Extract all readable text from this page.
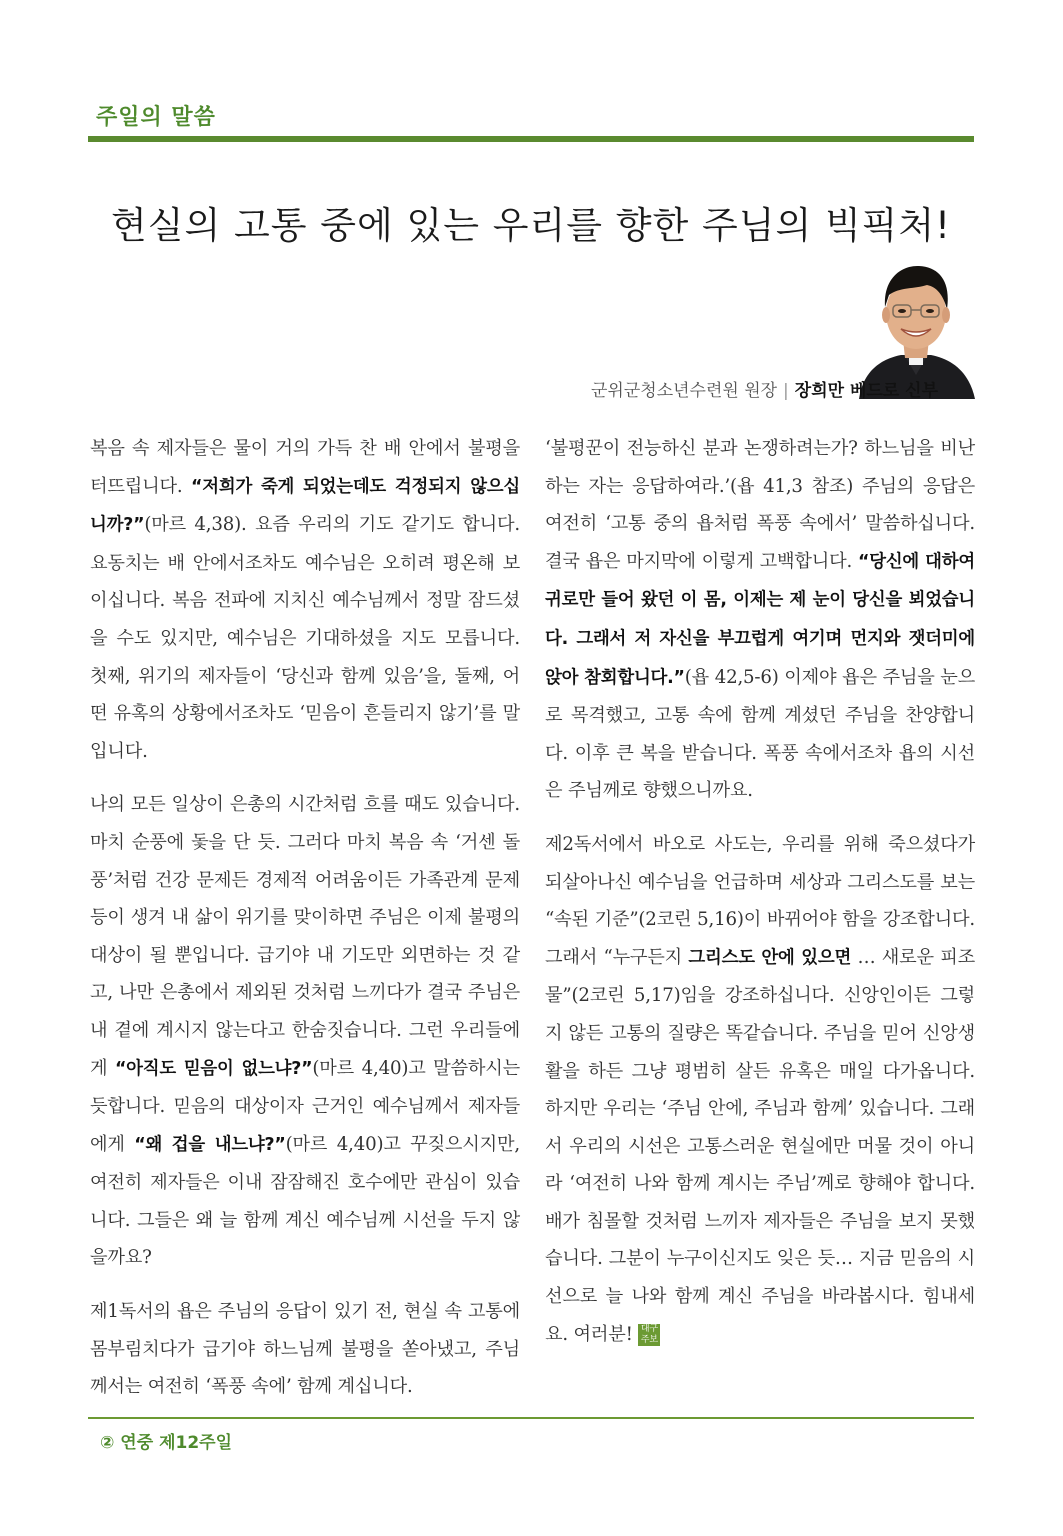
주일의 말씀
현실의 고통 중에 있는 우리를 향한 주님의 빅픽처!
군위군청소년수련원 원장 | 장희만 베드로 신부

복음 속 제자들은 물이 거의 가득 찬 배 안에서 불평을 터뜨립니다. “저희가 죽게 되었는데도 걱정되지 않으십니까?”(마르 4,38). 요즘 우리의 기도 같기도 합니다. 요동치는 배 안에서조차도 예수님은 오히려 평온해 보이십니다. 복음 전파에 지치신 예수님께서 정말 잠드셨을 수도 있지만, 예수님은 기대하셨을 지도 모릅니다. 첫째, 위기의 제자들이 ‘당신과 함께 있음’을, 둘째, 어떤 유혹의 상황에서조차도 ‘믿음이 흔들리지 않기’를 말입니다.

나의 모든 일상이 은총의 시간처럼 흐를 때도 있습니다. 마치 순풍에 돛을 단 듯. 그러다 마치 복음 속 ‘거센 돌풍’처럼 건강 문제든 경제적 어려움이든 가족관계 문제 등이 생겨 내 삶이 위기를 맞이하면 주님은 이제 불평의 대상이 될 뿐입니다. 급기야 내 기도만 외면하는 것 같고, 나만 은총에서 제외된 것처럼 느끼다가 결국 주님은 내 곁에 계시지 않는다고 한숨짓습니다. 그런 우리들에게 “아직도 믿음이 없느냐?”(마르 4,40)고 말씀하시는 듯합니다. 믿음의 대상이자 근거인 예수님께서 제자들에게 “왜 겁을 내느냐?”(마르 4,40)고 꾸짖으시지만, 여전히 제자들은 이내 잠잠해진 호수에만 관심이 있습니다. 그들은 왜 늘 함께 계신 예수님께 시선을 두지 않을까요?

제1독서의 욥은 주님의 응답이 있기 전, 현실 속 고통에 몸부림치다가 급기야 하느님께 불평을 쏟아냈고, 주님께서는 여전히 ‘폭풍 속에’ 함께 계십니다.

‘불평꾼이 전능하신 분과 논쟁하려는가? 하느님을 비난하는 자는 응답하여라.’(욥 41,3 참조) 주님의 응답은 여전히 ‘고통 중의 욥처럼 폭풍 속에서’ 말씀하십니다. 결국 욥은 마지막에 이렇게 고백합니다. “당신에 대하여 귀로만 들어 왔던 이 몸, 이제는 제 눈이 당신을 뵈었습니다. 그래서 저 자신을 부끄럽게 여기며 먼지와 잿더미에 앉아 참회합니다.”(욥 42,5-6) 이제야 욥은 주님을 눈으로 목격했고, 고통 속에 함께 계셨던 주님을 찬양합니다. 이후 큰 복을 받습니다. 폭풍 속에서조차 욥의 시선은 주님께로 향했으니까요.

제2독서에서 바오로 사도는, 우리를 위해 죽으셨다가 되살아나신 예수님을 언급하며 세상과 그리스도를 보는 “속된 기준”(2코린 5,16)이 바뀌어야 함을 강조합니다. 그래서 “누구든지 그리스도 안에 있으면 … 새로운 피조물”(2코린 5,17)임을 강조하십니다. 신앙인이든 그렇지 않든 고통의 질량은 똑같습니다. 주님을 믿어 신앙생활을 하든 그냥 평범히 살든 유혹은 매일 다가옵니다. 하지만 우리는 ‘주님 안에, 주님과 함께’ 있습니다. 그래서 우리의 시선은 고통스러운 현실에만 머물 것이 아니라 ‘여전히 나와 함께 계시는 주님’께로 향해야 합니다. 배가 침몰할 것처럼 느끼자 제자들은 주님을 보지 못했습니다. 그분이 누구이신지도 잊은 듯… 지금 믿음의 시선으로 늘 나와 함께 계신 주님을 바라봅시다. 힘내세요. 여러분! 대구주보

② 연중 제12주일
